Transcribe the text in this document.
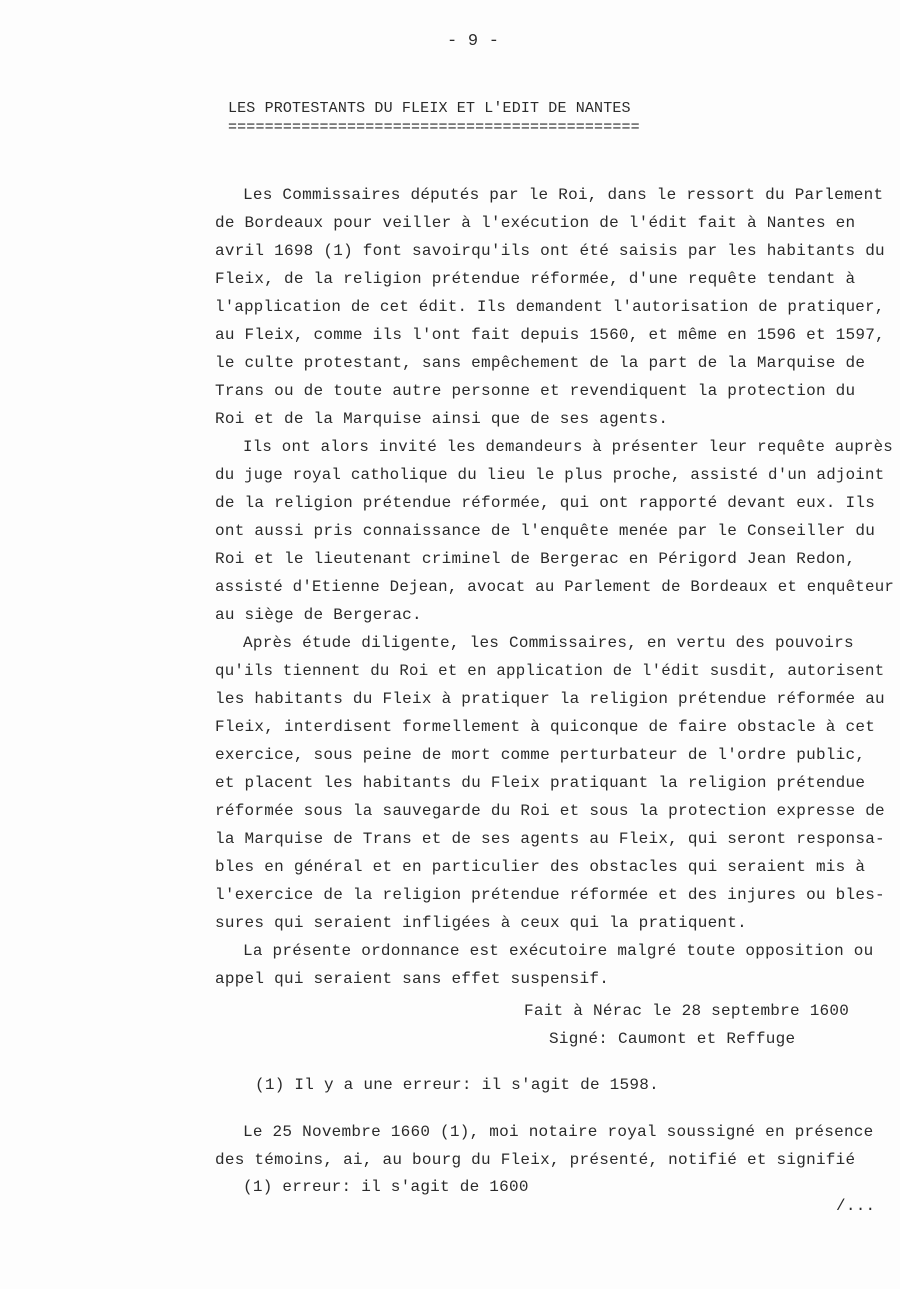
- 9 -
LES PROTESTANTS DU FLEIX ET L'EDIT DE NANTES
=============================================
Les Commissaires députés par le Roi, dans le ressort du Parlement
de Bordeaux pour veiller à l'exécution de l'édit fait à Nantes en
avril 1698 (1) font savoirqu'ils ont été saisis par les habitants du
Fleix, de la religion prétendue réformée, d'une requête tendant à
l'application de cet édit. Ils demandent l'autorisation de pratiquer,
au Fleix, comme ils l'ont fait depuis 1560, et même en 1596 et 1597,
le culte protestant, sans empêchement de la part de la Marquise de
Trans ou de toute autre personne et revendiquent la protection du
Roi et de la Marquise ainsi que de ses agents.
Ils ont alors invité les demandeurs à présenter leur requête auprès
du juge royal catholique du lieu le plus proche, assisté d'un adjoint
de la religion prétendue réformée, qui ont rapporté devant eux. Ils
ont aussi pris connaissance de l'enquête menée par le Conseiller du
Roi et le lieutenant criminel de Bergerac en Périgord Jean Redon,
assisté d'Etienne Dejean, avocat au Parlement de Bordeaux et enquêteur
au siège de Bergerac.
Après étude diligente, les Commissaires, en vertu des pouvoirs
qu'ils tiennent du Roi et en application de l'édit susdit, autorisent
les habitants du Fleix à pratiquer la religion prétendue réformée au
Fleix, interdisent formellement à quiconque de faire obstacle à cet
exercice, sous peine de mort comme perturbateur de l'ordre public,
et placent les habitants du Fleix pratiquant la religion prétendue
réformée sous la sauvegarde du Roi et sous la protection expresse de
la Marquise de Trans et de ses agents au Fleix, qui seront responsa-
bles en général et en particulier des obstacles qui seraient mis à
l'exercice de la religion prétendue réformée et des injures ou bles-
sures qui seraient infligées à ceux qui la pratiquent.
La présente ordonnance est exécutoire malgré toute opposition ou
appel qui seraient sans effet suspensif.
Fait à Nérac le 28 septembre 1600
Signé: Caumont et Reffuge
(1) Il y a une erreur: il s'agit de 1598.
Le 25 Novembre 1660 (1), moi notaire royal soussigné en présence
des témoins, ai, au bourg du Fleix, présenté, notifié et signifié
(1) erreur: il s'agit de 1600
/...
